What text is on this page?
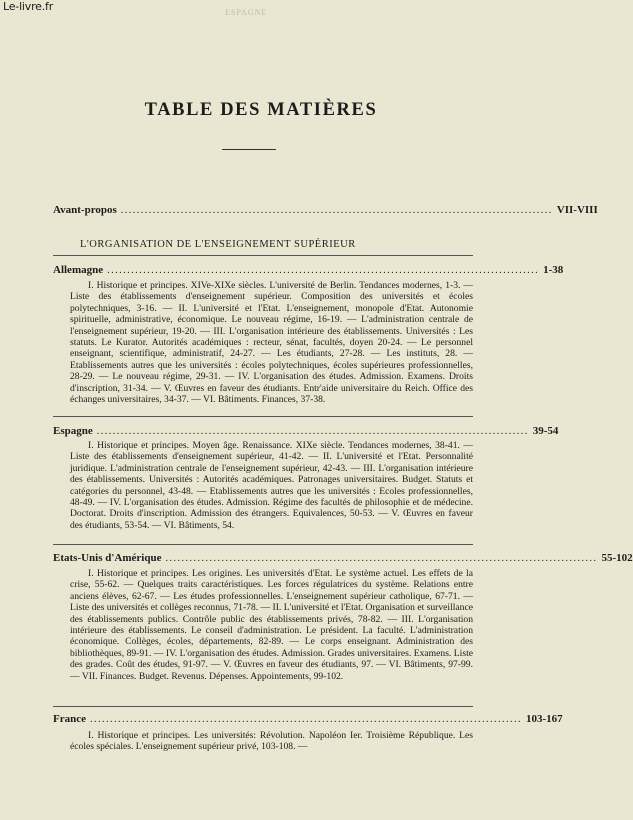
Le-livre.fr	ESPAGNE
TABLE DES MATIÈRES
Avant-propos ............................................................................................................ VII-VIII
L'ORGANISATION DE L'ENSEIGNEMENT SUPÉRIEUR
Allemagne ............................................................................................................ 1-38
I. Historique et principes. XIVe-XIXe siècles. L'université de Berlin. Tendances modernes, 1-3. — Liste des établissements d'enseignement supérieur. Composition des universités et écoles polytechniques, 3-16. — II. L'université et l'Etat. L'enseignement, monopole d'Etat. Autonomie spirituelle, administrative, économique. Le nouveau régime, 16-19. — L'administration centrale de l'enseignement supérieur, 19-20. — III. L'organisation intérieure des établissements. Universités : Les statuts. Le Kurator. Autorités académiques : recteur, sénat, facultés, doyen 20-24. — Le personnel enseignant, scientifique, administratif, 24-27. — Les étudiants, 27-28. — Les instituts, 28. — Etablissements autres que les universités : écoles polytechniques, écoles supérieures professionnelles, 28-29. — Le nouveau régime, 29-31. — IV. L'organisation des études. Admission. Examens. Droits d'inscription, 31-34. — V. Œuvres en faveur des étudiants. Entr'aide universitaire du Reich. Office des échanges universitaires, 34-37. — VI. Bâtiments. Finances, 37-38.
Espagne ............................................................................................................ 39-54
I. Historique et principes. Moyen âge. Renaissance. XIXe siècle. Tendances modernes, 38-41. — Liste des établissements d'enseignement supérieur, 41-42. — II. L'université et l'Etat. Personnalité juridique. L'administration centrale de l'enseignement supérieur, 42-43. — III. L'organisation intérieure des établissements. Universités : Autorités académiques. Patronages universitaires. Budget. Statuts et catégories du personnel, 43-48. — Etablissements autres que les universités : Ecoles professionnelles, 48-49. — IV. L'organisation des études. Admission. Régime des facultés de philosophie et de médecine. Doctorat. Droits d'inscription. Admission des étrangers. Equivalences, 50-53. — V. Œuvres en faveur des étudiants, 53-54. — VI. Bâtiments, 54.
Etats-Unis d'Amérique ............................................................................................................ 55-102
I. Historique et principes. Les origines. Les universités d'Etat. Le système actuel. Les effets de la crise, 55-62. — Quelques traits caractéristiques. Les forces régulatrices du système. Relations entre anciens élèves, 62-67. — Les études professionnelles. L'enseignement supérieur catholique, 67-71. — Liste des universités et collèges reconnus, 71-78. — II. L'université et l'Etat. Organisation et surveillance des établissements publics. Contrôle public des établissements privés, 78-82. — III. L'organisation intérieure des établissements. Le conseil d'administration. Le président. La faculté. L'administration économique. Collèges, écoles, départements, 82-89. — Le corps enseignant. Administration des bibliothèques, 89-91. — IV. L'organisation des études. Admission. Grades universitaires. Examens. Liste des grades. Coût des études, 91-97. — V. Œuvres en faveur des étudiants, 97. — VI. Bâtiments, 97-99. — VII. Finances. Budget. Revenus. Dépenses. Appointements, 99-102.
France ............................................................................................................ 103-167
I. Historique et principes. Les universités: Révolution. Napoléon Ier. Troisième République. Les écoles spéciales. L'enseignement supérieur privé, 103-108. —
